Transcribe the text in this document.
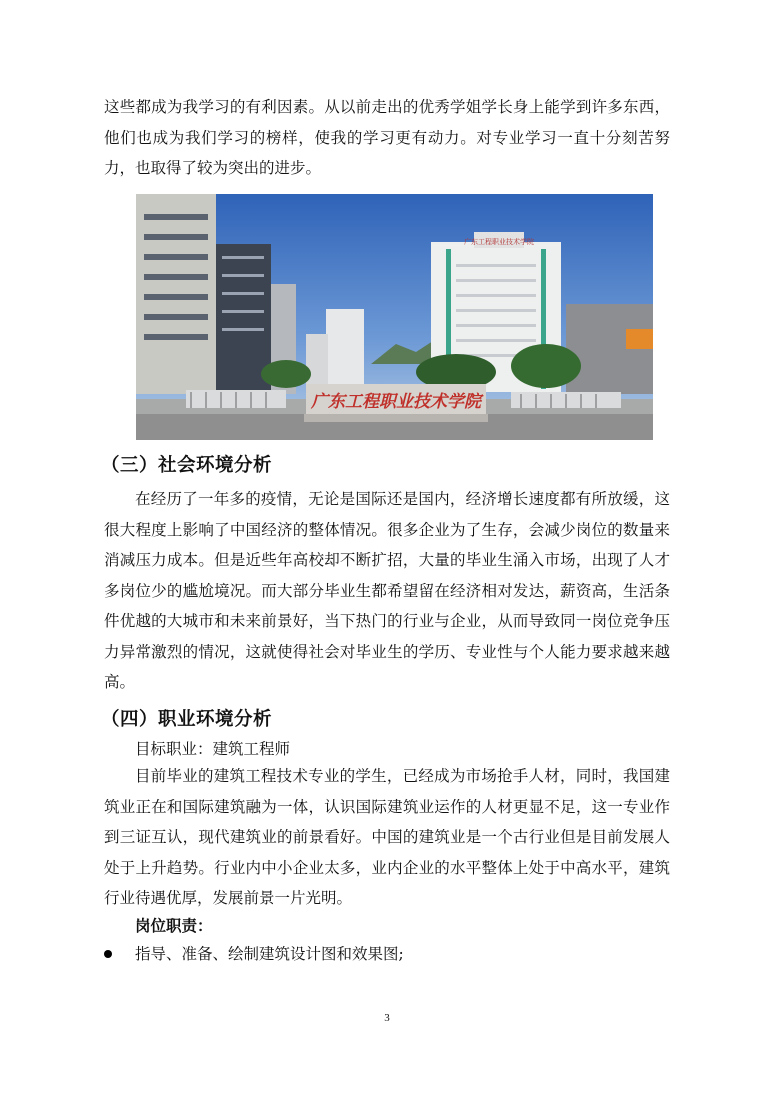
这些都成为我学习的有利因素。从以前走出的优秀学姐学长身上能学到许多东西，他们也成为我们学习的榜样，使我的学习更有动力。对专业学习一直十分刻苦努力，也取得了较为突出的进步。

广东工程职业技术学院
广东工程职业技术学院

（三）社会环境分析

在经历了一年多的疫情，无论是国际还是国内，经济增长速度都有所放缓，这很大程度上影响了中国经济的整体情况。很多企业为了生存，会减少岗位的数量来消减压力成本。但是近些年高校却不断扩招，大量的毕业生涌入市场，出现了人才多岗位少的尴尬境况。而大部分毕业生都希望留在经济相对发达，薪资高，生活条件优越的大城市和未来前景好，当下热门的行业与企业，从而导致同一岗位竞争压力异常激烈的情况，这就使得社会对毕业生的学历、专业性与个人能力要求越来越高。

（四）职业环境分析

目标职业：建筑工程师

目前毕业的建筑工程技术专业的学生，已经成为市场抢手人材，同时，我国建筑业正在和国际建筑融为一体，认识国际建筑业运作的人材更显不足，这一专业作到三证互认，现代建筑业的前景看好。中国的建筑业是一个古行业但是目前发展人处于上升趋势。行业内中小企业太多，业内企业的水平整体上处于中高水平，建筑行业待遇优厚，发展前景一片光明。

岗位职责：

指导、准备、绘制建筑设计图和效果图;

3
